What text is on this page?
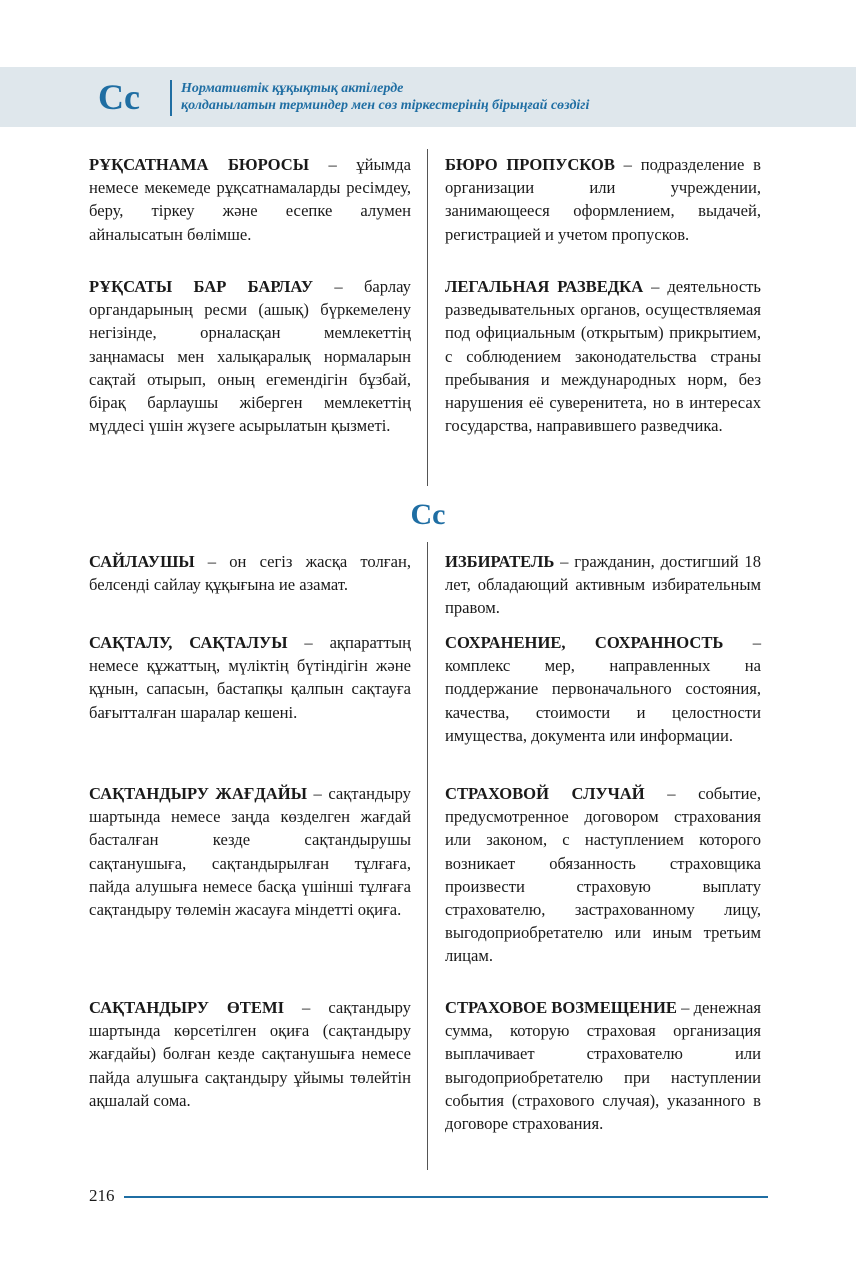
Cc	Нормативтік құқықтық актілерде
қолданылатын терминдер мен сөз тіркестерінің бірыңғай сөздігі

РҰҚСАТНАМА БЮРОСЫ – ұйымда немесе мекемеде рұқсатнамаларды ресімдеу, беру, тіркеу және есепке алумен айналысатын бөлімше.

БЮРО ПРОПУСКОВ – подразделение в организации или учреждении, занимающееся оформлением, выдачей, регистрацией и учетом пропусков.

РҰҚСАТЫ БАР БАРЛАУ – барлау органдарының ресми (ашық) бүркемелену негізінде, орналасқан мемлекеттің заңнамасы мен халықаралық нормаларын сақтай отырып, оның егемендігін бұзбай, бірақ барлаушы жіберген мемлекеттің мүддесі үшін жүзеге асырылатын қызметі.

ЛЕГАЛЬНАЯ РАЗВЕДКА – деятельность разведывательных органов, осуществляемая под официальным (открытым) прикрытием, с соблюдением законодательства страны пребывания и международных норм, без нарушения её суверенитета, но в интересах государства, направившего разведчика.

Cc

САЙЛАУШЫ – он сегіз жасқа толған, белсенді сайлау құқығына ие азамат.

ИЗБИРАТЕЛЬ – гражданин, достигший 18 лет, обладающий активным избирательным правом.

САҚТАЛУ, САҚТАЛУЫ – ақпараттың немесе құжаттың, мүліктің бүтіндігін және құнын, сапасын, бастапқы қалпын сақтауға бағытталған шаралар кешені.

СОХРАНЕНИЕ, СОХРАННОСТЬ – комплекс мер, направленных на поддержание первоначального состояния, качества, стоимости и целостности имущества, документа или информации.

САҚТАНДЫРУ ЖАҒДАЙЫ – сақтандыру шартында немесе заңда көзделген жағдай басталған кезде сақтандырушы сақтанушыға, сақтандырылған тұлғаға, пайда алушыға немесе басқа үшінші тұлғаға сақтандыру төлемін жасауға міндетті оқиға.

СТРАХОВОЙ СЛУЧАЙ – событие, предусмотренное договором страхования или законом, с наступлением которого возникает обязанность страховщика произвести страховую выплату страхователю, застрахованному лицу, выгодоприобретателю или иным третьим лицам.

САҚТАНДЫРУ ӨТЕМІ – сақтандыру шартында көрсетілген оқиға (сақтандыру жағдайы) болған кезде сақтанушыға немесе пайда алушыға сақтандыру ұйымы төлейтін ақшалай сома.

СТРАХОВОЕ ВОЗМЕЩЕНИЕ – денежная сумма, которую страховая организация выплачивает страхователю или выгодоприобретателю при наступлении события (страхового случая), указанного в договоре страхования.

216
